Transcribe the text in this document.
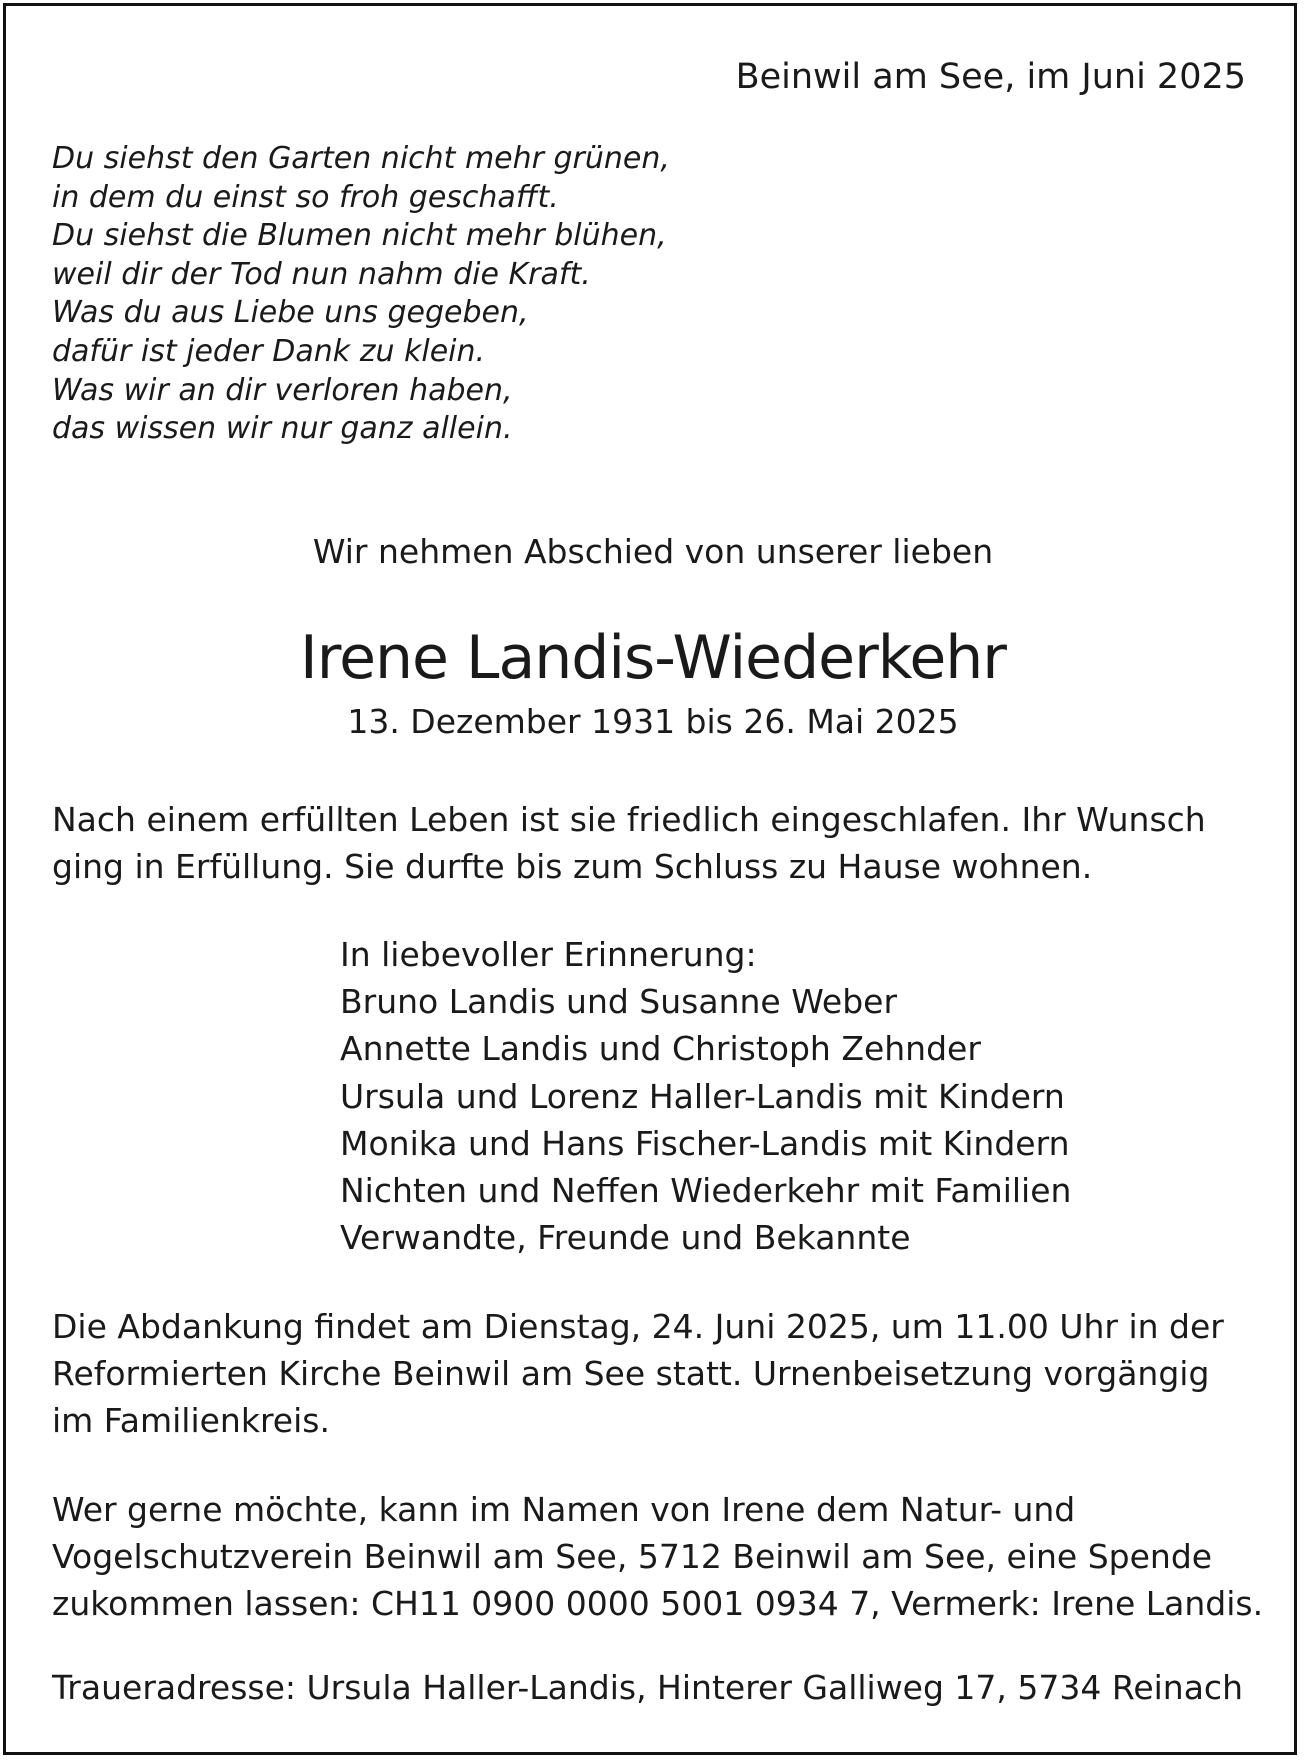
Beinwil am See, im Juni 2025
Du siehst den Garten nicht mehr grünen,
in dem du einst so froh geschafft.
Du siehst die Blumen nicht mehr blühen,
weil dir der Tod nun nahm die Kraft.
Was du aus Liebe uns gegeben,
dafür ist jeder Dank zu klein.
Was wir an dir verloren haben,
das wissen wir nur ganz allein.
Wir nehmen Abschied von unserer lieben
Irene Landis-Wiederkehr
13. Dezember 1931 bis 26. Mai 2025
Nach einem erfüllten Leben ist sie friedlich eingeschlafen. Ihr Wunsch
ging in Erfüllung. Sie durfte bis zum Schluss zu Hause wohnen.
In liebevoller Erinnerung:
Bruno Landis und Susanne Weber
Annette Landis und Christoph Zehnder
Ursula und Lorenz Haller-Landis mit Kindern
Monika und Hans Fischer-Landis mit Kindern
Nichten und Neffen Wiederkehr mit Familien
Verwandte, Freunde und Bekannte
Die Abdankung findet am Dienstag, 24. Juni 2025, um 11.00 Uhr in der
Reformierten Kirche Beinwil am See statt. Urnenbeisetzung vorgängig
im Familienkreis.
Wer gerne möchte, kann im Namen von Irene dem Natur- und
Vogelschutzverein Beinwil am See, 5712 Beinwil am See, eine Spende
zukommen lassen: CH11 0900 0000 5001 0934 7, Vermerk: Irene Landis.
Traueradresse: Ursula Haller-Landis, Hinterer Galliweg 17, 5734 Reinach
